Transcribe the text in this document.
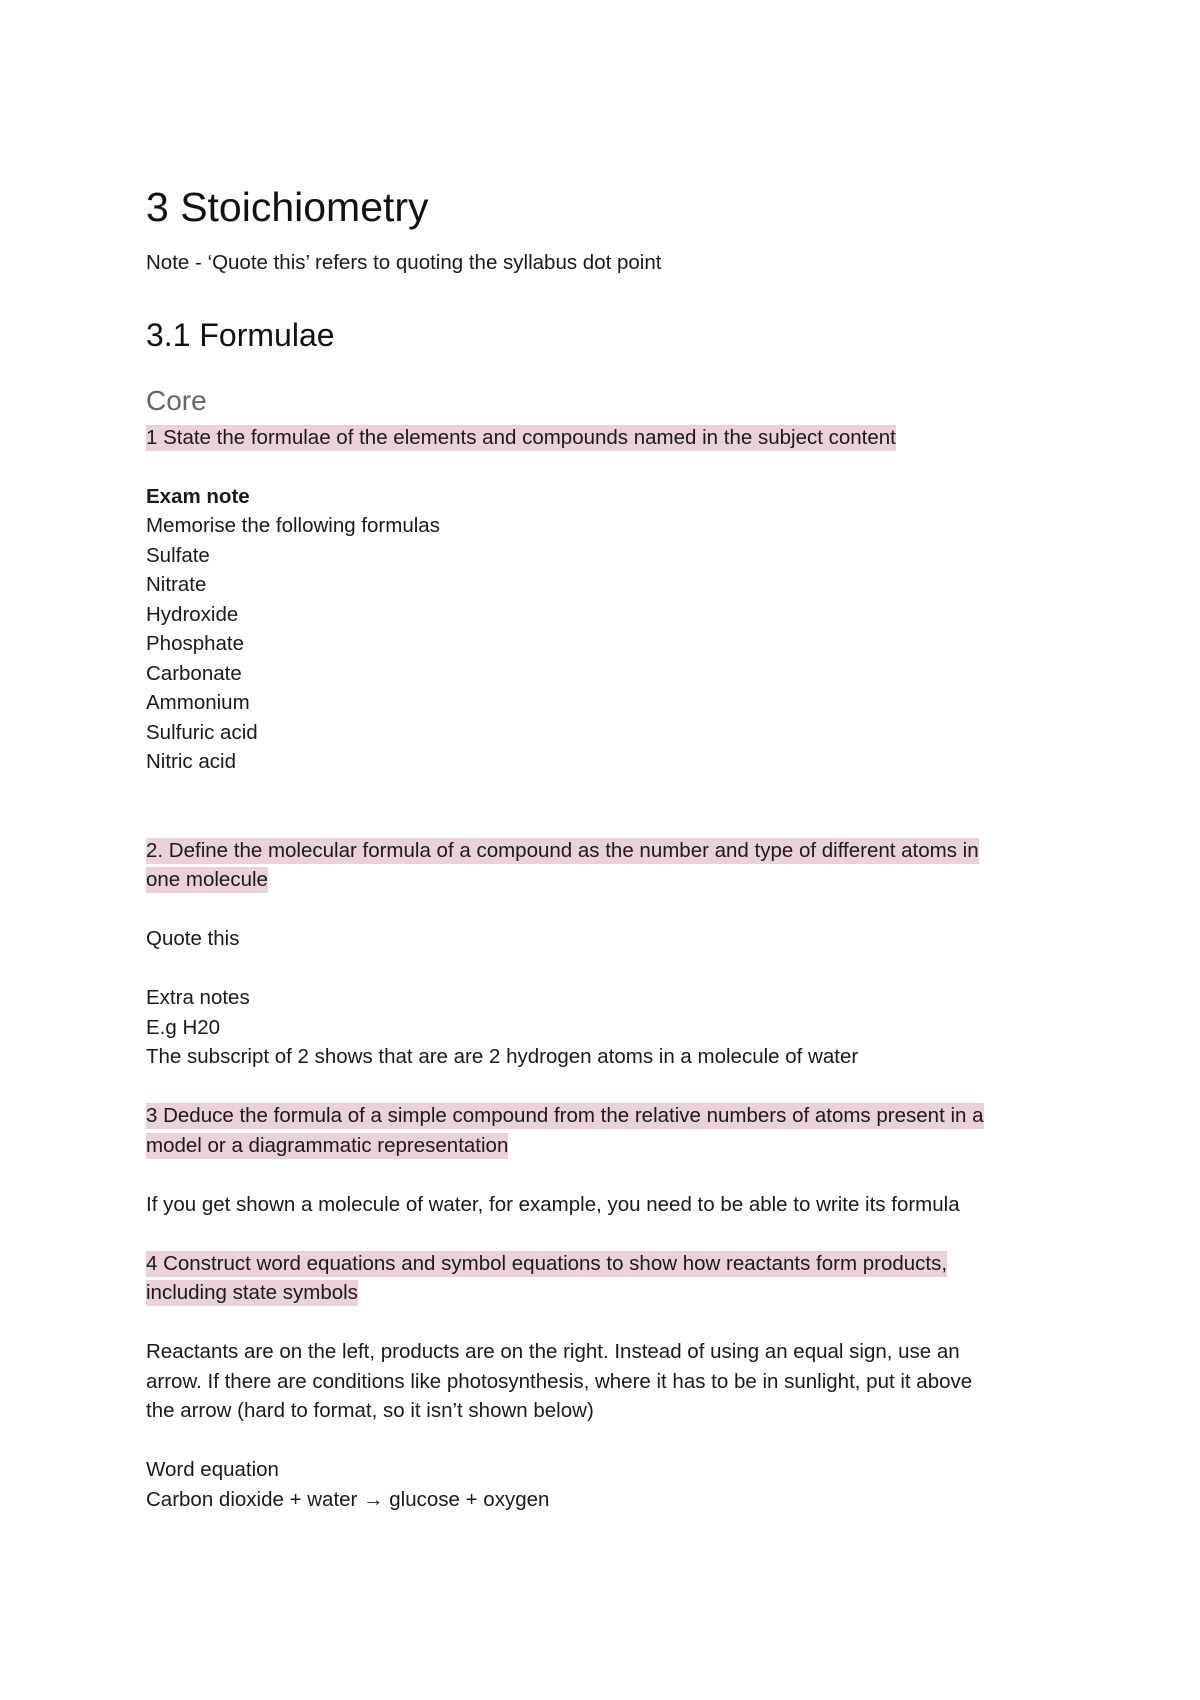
3 Stoichiometry

Note - ‘Quote this’ refers to quoting the syllabus dot point

3.1 Formulae
Core

1 State the formulae of the elements and compounds named in the subject content

Exam note

Memorise the following formulas

Sulfate
Nitrate
Hydroxide
Phosphate
Carbonate
Ammonium
Sulfuric acid
Nitric acid

2. Define the molecular formula of a compound as the number and type of different atoms in
one molecule

Quote this

Extra notes

E.g H20

The subscript of 2 shows that are are 2 hydrogen atoms in a molecule of water

3 Deduce the formula of a simple compound from the relative numbers of atoms present in a
model or a diagrammatic representation

If you get shown a molecule of water, for example, you need to be able to write its formula

4 Construct word equations and symbol equations to show how reactants form products,
including state symbols

Reactants are on the left, products are on the right. Instead of using an equal sign, use an
arrow. If there are conditions like photosynthesis, where it has to be in sunlight, put it above
the arrow (hard to format, so it isn’t shown below)

Word equation

Carbon dioxide + water → glucose + oxygen
